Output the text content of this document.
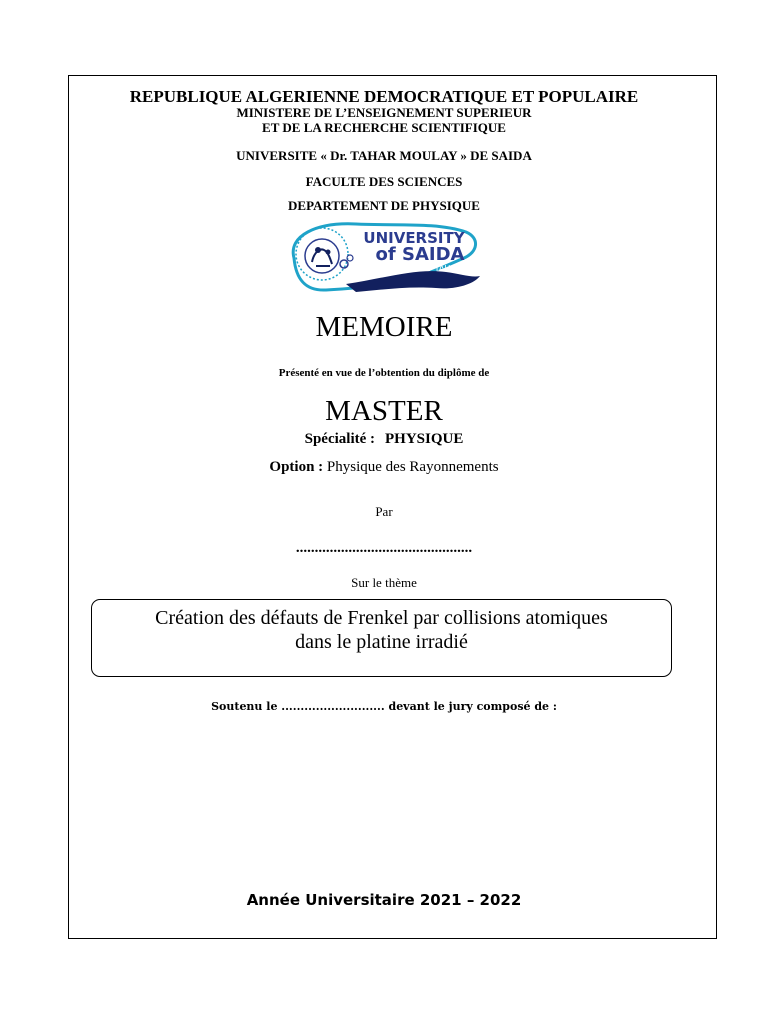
REPUBLIQUE ALGERIENNE DEMOCRATIQUE ET POPULAIRE
MINISTERE DE L’ENSEIGNEMENT SUPERIEUR
ET DE LA RECHERCHE SCIENTIFIQUE
UNIVERSITE « Dr. TAHAR MOULAY » DE SAIDA
FACULTE DES SCIENCES
DEPARTEMENT DE PHYSIQUE
UNIVERSITY
of SAIDA
Dr MOULAY TAHAR
MEMOIRE
Présenté en vue de l’obtention du diplôme de
MASTER
Spécialité : PHYSIQUE
Option : Physique des Rayonnements
Par
...............................................
Sur le thème
Création des défauts de Frenkel par collisions atomiques
dans le platine irradié
Soutenu le ........................... devant le jury composé de :
Année Universitaire 2021 – 2022
